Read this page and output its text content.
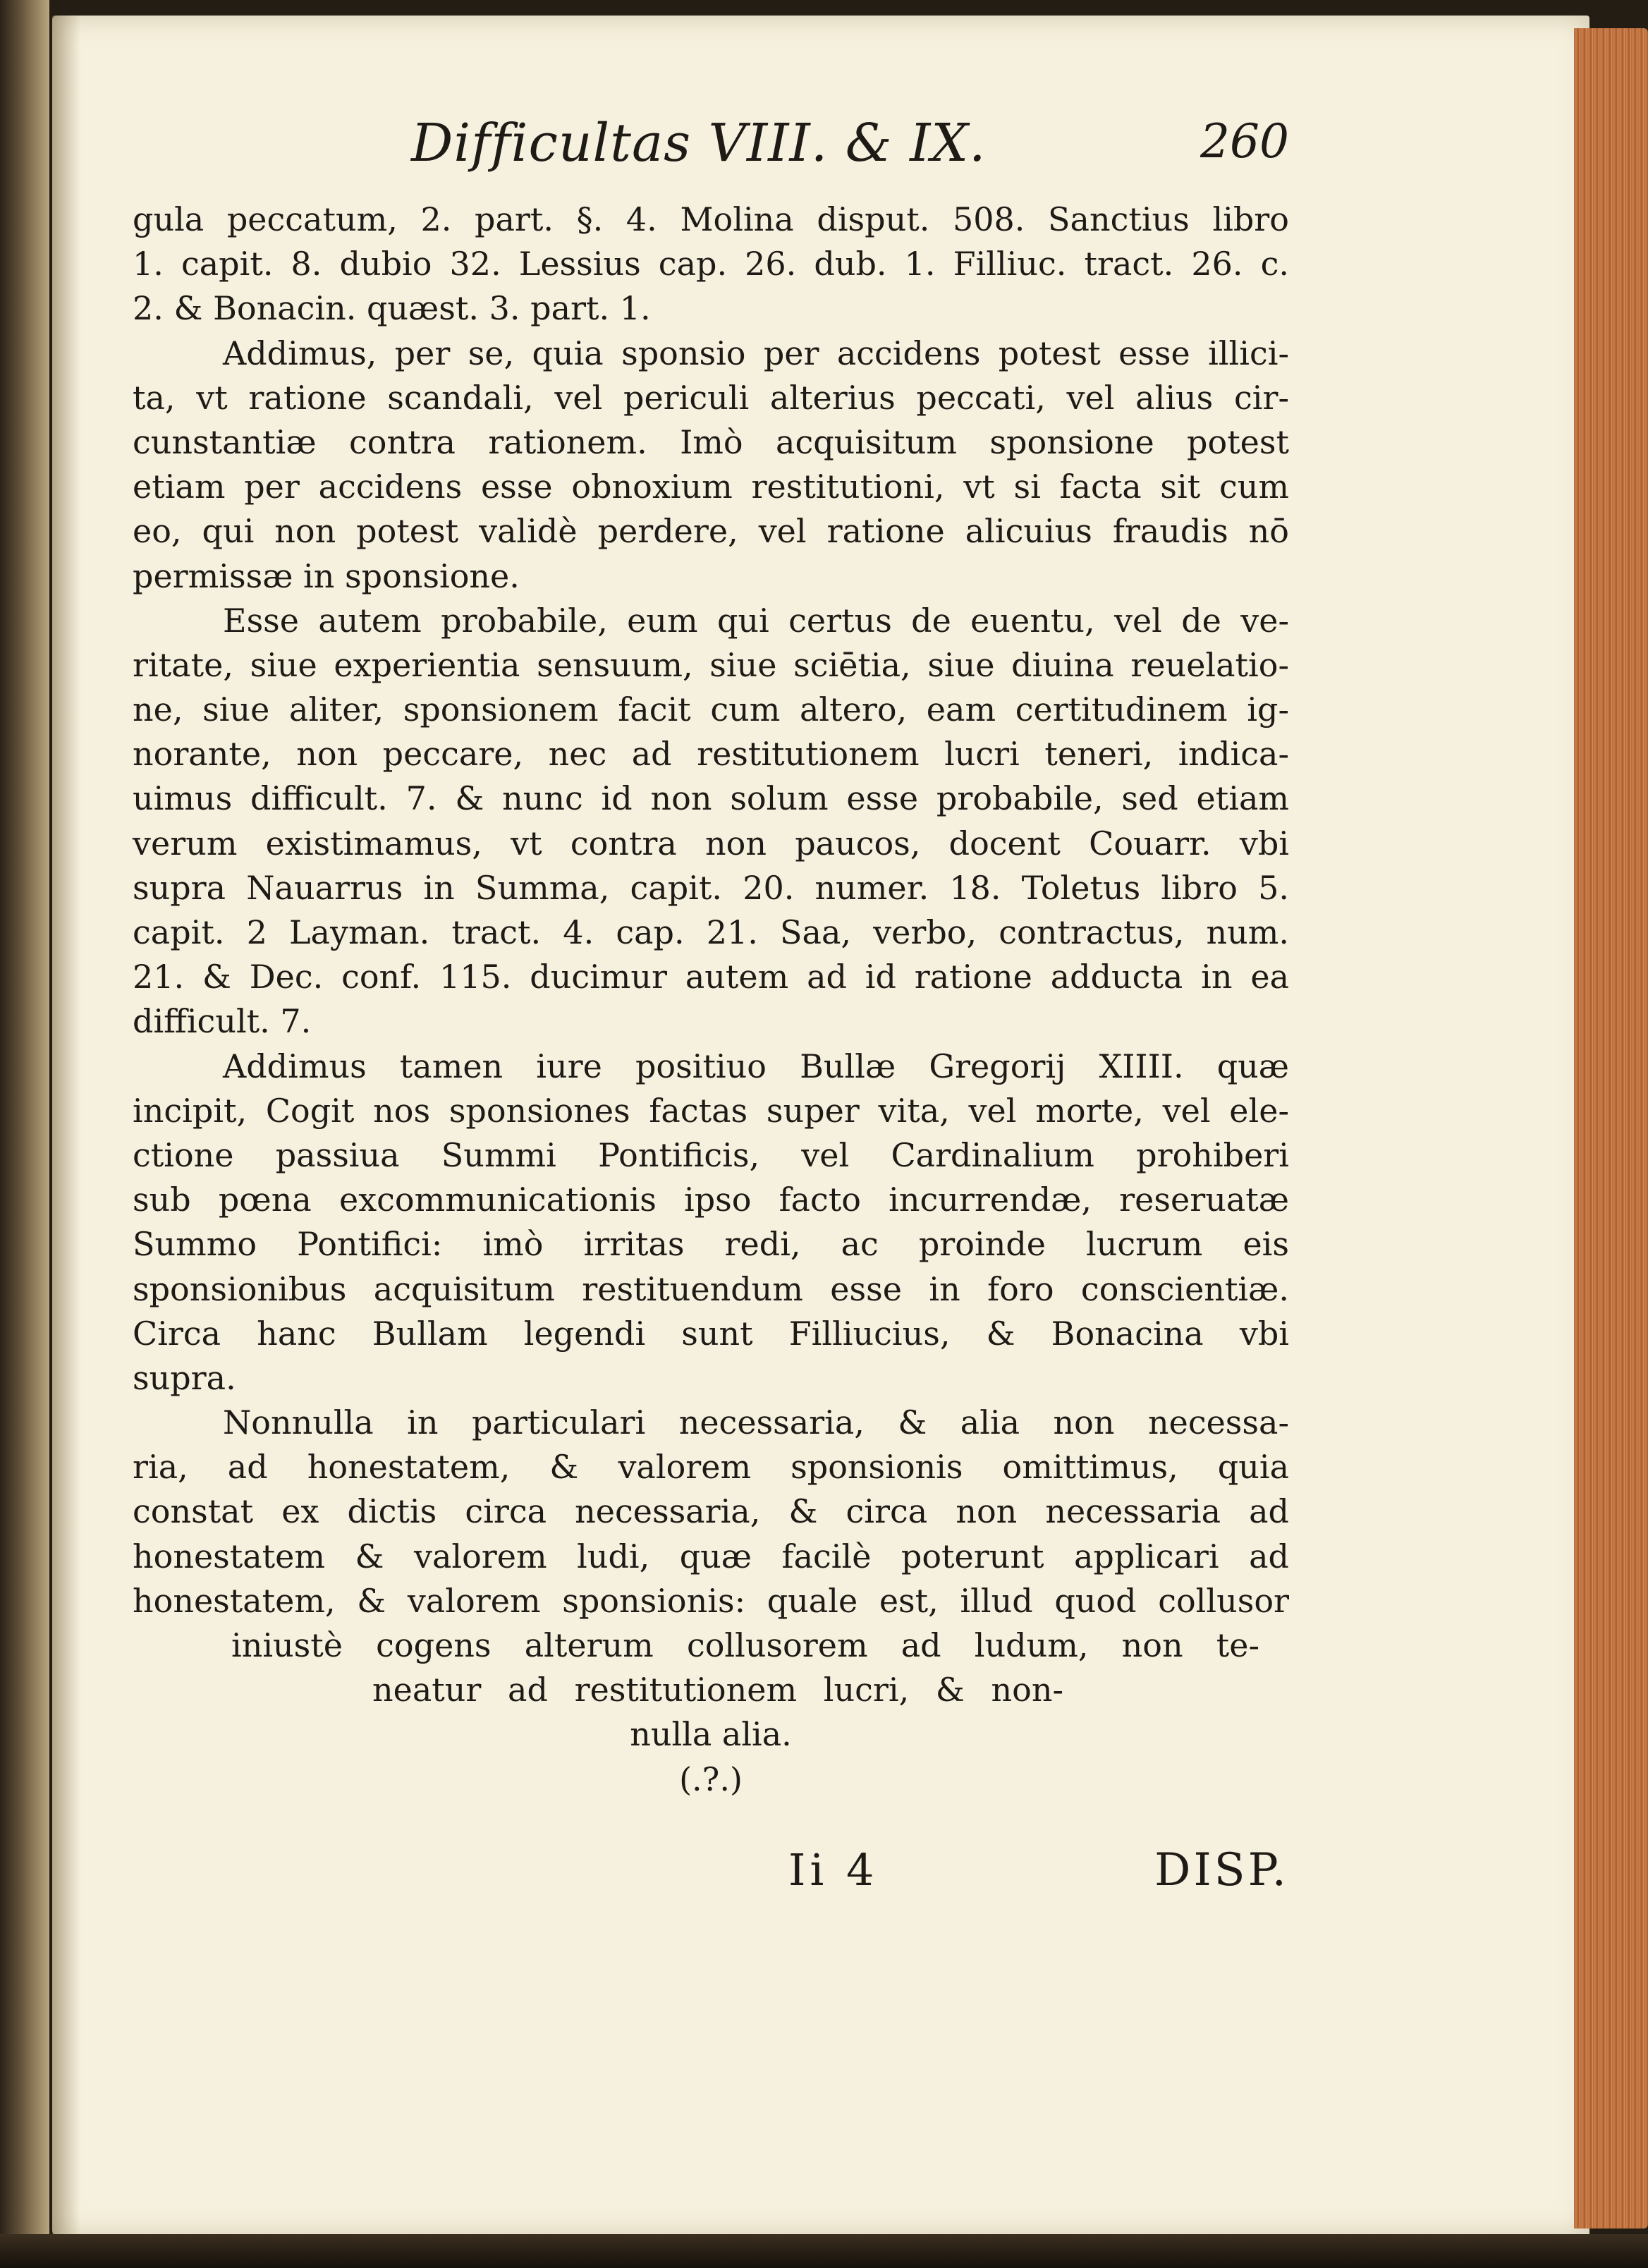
Difficultas VIII. & IX.	260
gula peccatum, 2. part. §. 4. Molina disput. 508. Sanctius libro
1. capit. 8. dubio 32. Lessius cap. 26. dub. 1. Filliuc. tract. 26. c.
2. & Bonacin. quæst. 3. part. 1.
Addimus, per se, quia sponsio per accidens potest esse illici-
ta, vt ratione scandali, vel periculi alterius peccati, vel alius cir-
cunstantiæ contra rationem. Imò acquisitum sponsione potest
etiam per accidens esse obnoxium restitutioni, vt si facta sit cum
eo, qui non potest validè perdere, vel ratione alicuius fraudis nō
permissæ in sponsione.
Esse autem probabile, eum qui certus de euentu, vel de ve-
ritate, siue experientia sensuum, siue sciētia, siue diuina reuelatio-
ne, siue aliter, sponsionem facit cum altero, eam certitudinem ig-
norante, non peccare, nec ad restitutionem lucri teneri, indica-
uimus difficult. 7. & nunc id non solum esse probabile, sed etiam
verum existimamus, vt contra non paucos, docent Couarr. vbi
supra Nauarrus in Summa, capit. 20. numer. 18. Toletus libro 5.
capit. 2 Layman. tract. 4. cap. 21. Saa, verbo, contractus, num.
21. & Dec. conf. 115. ducimur autem ad id ratione adducta in ea
difficult. 7.
Addimus tamen iure positiuo Bullæ Gregorij XIIII. quæ
incipit, Cogit nos sponsiones factas super vita, vel morte, vel ele-
ctione passiua Summi Pontificis, vel Cardinalium prohiberi
sub pœna excommunicationis ipso facto incurrendæ, reseruatæ
Summo Pontifici: imò irritas redi, ac proinde lucrum eis
sponsionibus acquisitum restituendum esse in foro conscientiæ.
Circa hanc Bullam legendi sunt Filliucius, & Bonacina vbi
supra.
Nonnulla in particulari necessaria, & alia non necessa-
ria, ad honestatem, & valorem sponsionis omittimus, quia
constat ex dictis circa necessaria, & circa non necessaria ad
honestatem & valorem ludi, quæ facilè poterunt applicari ad
honestatem, & valorem sponsionis: quale est, illud quod collusor
iniustè cogens alterum collusorem ad ludum, non te-
neatur ad restitutionem lucri, & non-
nulla alia.
(.?.)
Ii 4	DISP.
